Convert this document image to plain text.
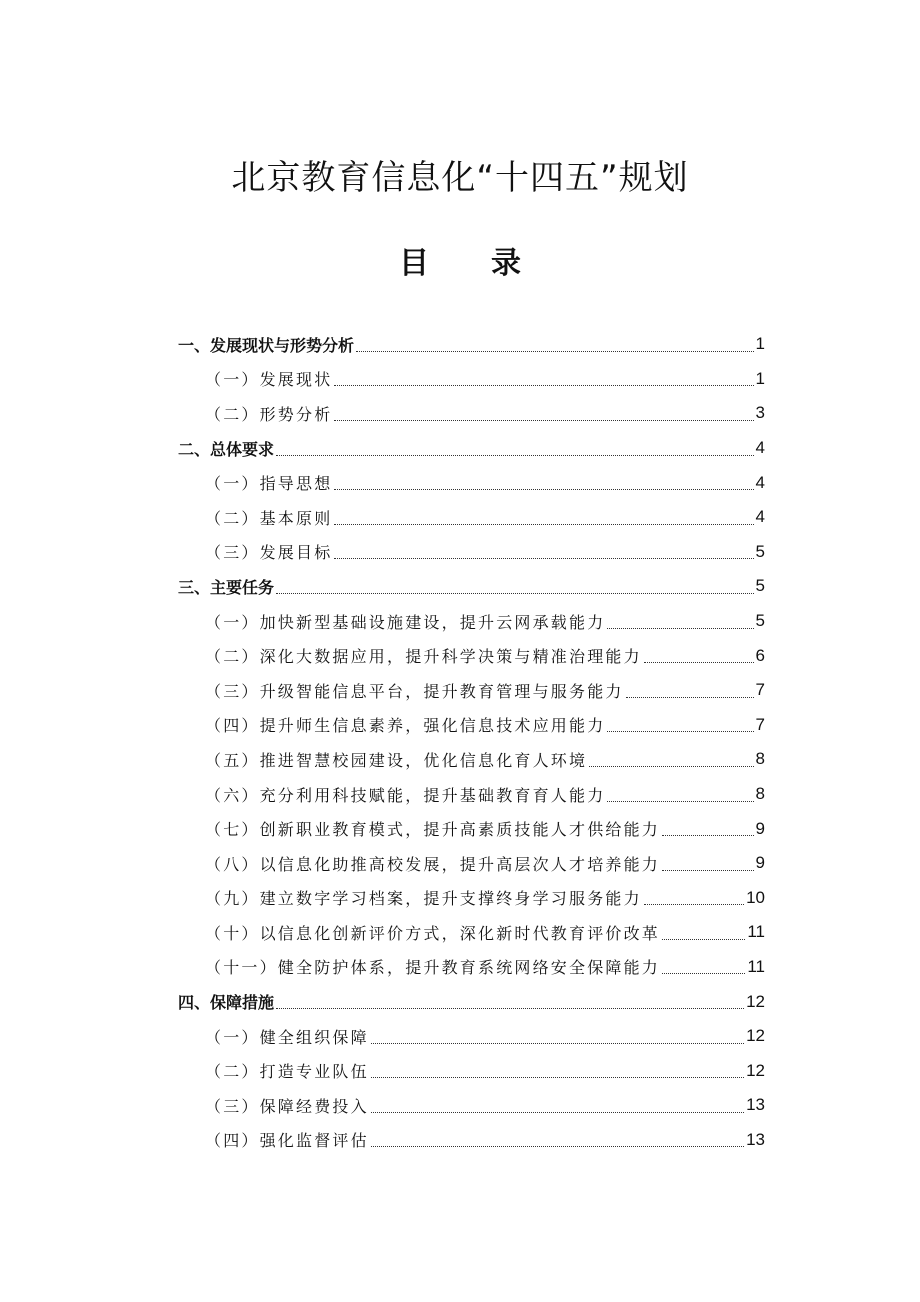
北京教育信息化“十四五”规划
目 录
一、发展现状与形势分析	1
（一）发展现状	1
（二）形势分析	3
二、总体要求	4
（一）指导思想	4
（二）基本原则	4
（三）发展目标	5
三、主要任务	5
（一）加快新型基础设施建设，提升云网承载能力	5
（二）深化大数据应用，提升科学决策与精准治理能力	6
（三）升级智能信息平台，提升教育管理与服务能力	7
（四）提升师生信息素养，强化信息技术应用能力	7
（五）推进智慧校园建设，优化信息化育人环境	8
（六）充分利用科技赋能，提升基础教育育人能力	8
（七）创新职业教育模式，提升高素质技能人才供给能力	9
（八）以信息化助推高校发展，提升高层次人才培养能力	9
（九）建立数字学习档案，提升支撑终身学习服务能力	10
（十）以信息化创新评价方式，深化新时代教育评价改革	11
（十一）健全防护体系，提升教育系统网络安全保障能力	11
四、保障措施	12
（一）健全组织保障	12
（二）打造专业队伍	12
（三）保障经费投入	13
（四）强化监督评估	13
